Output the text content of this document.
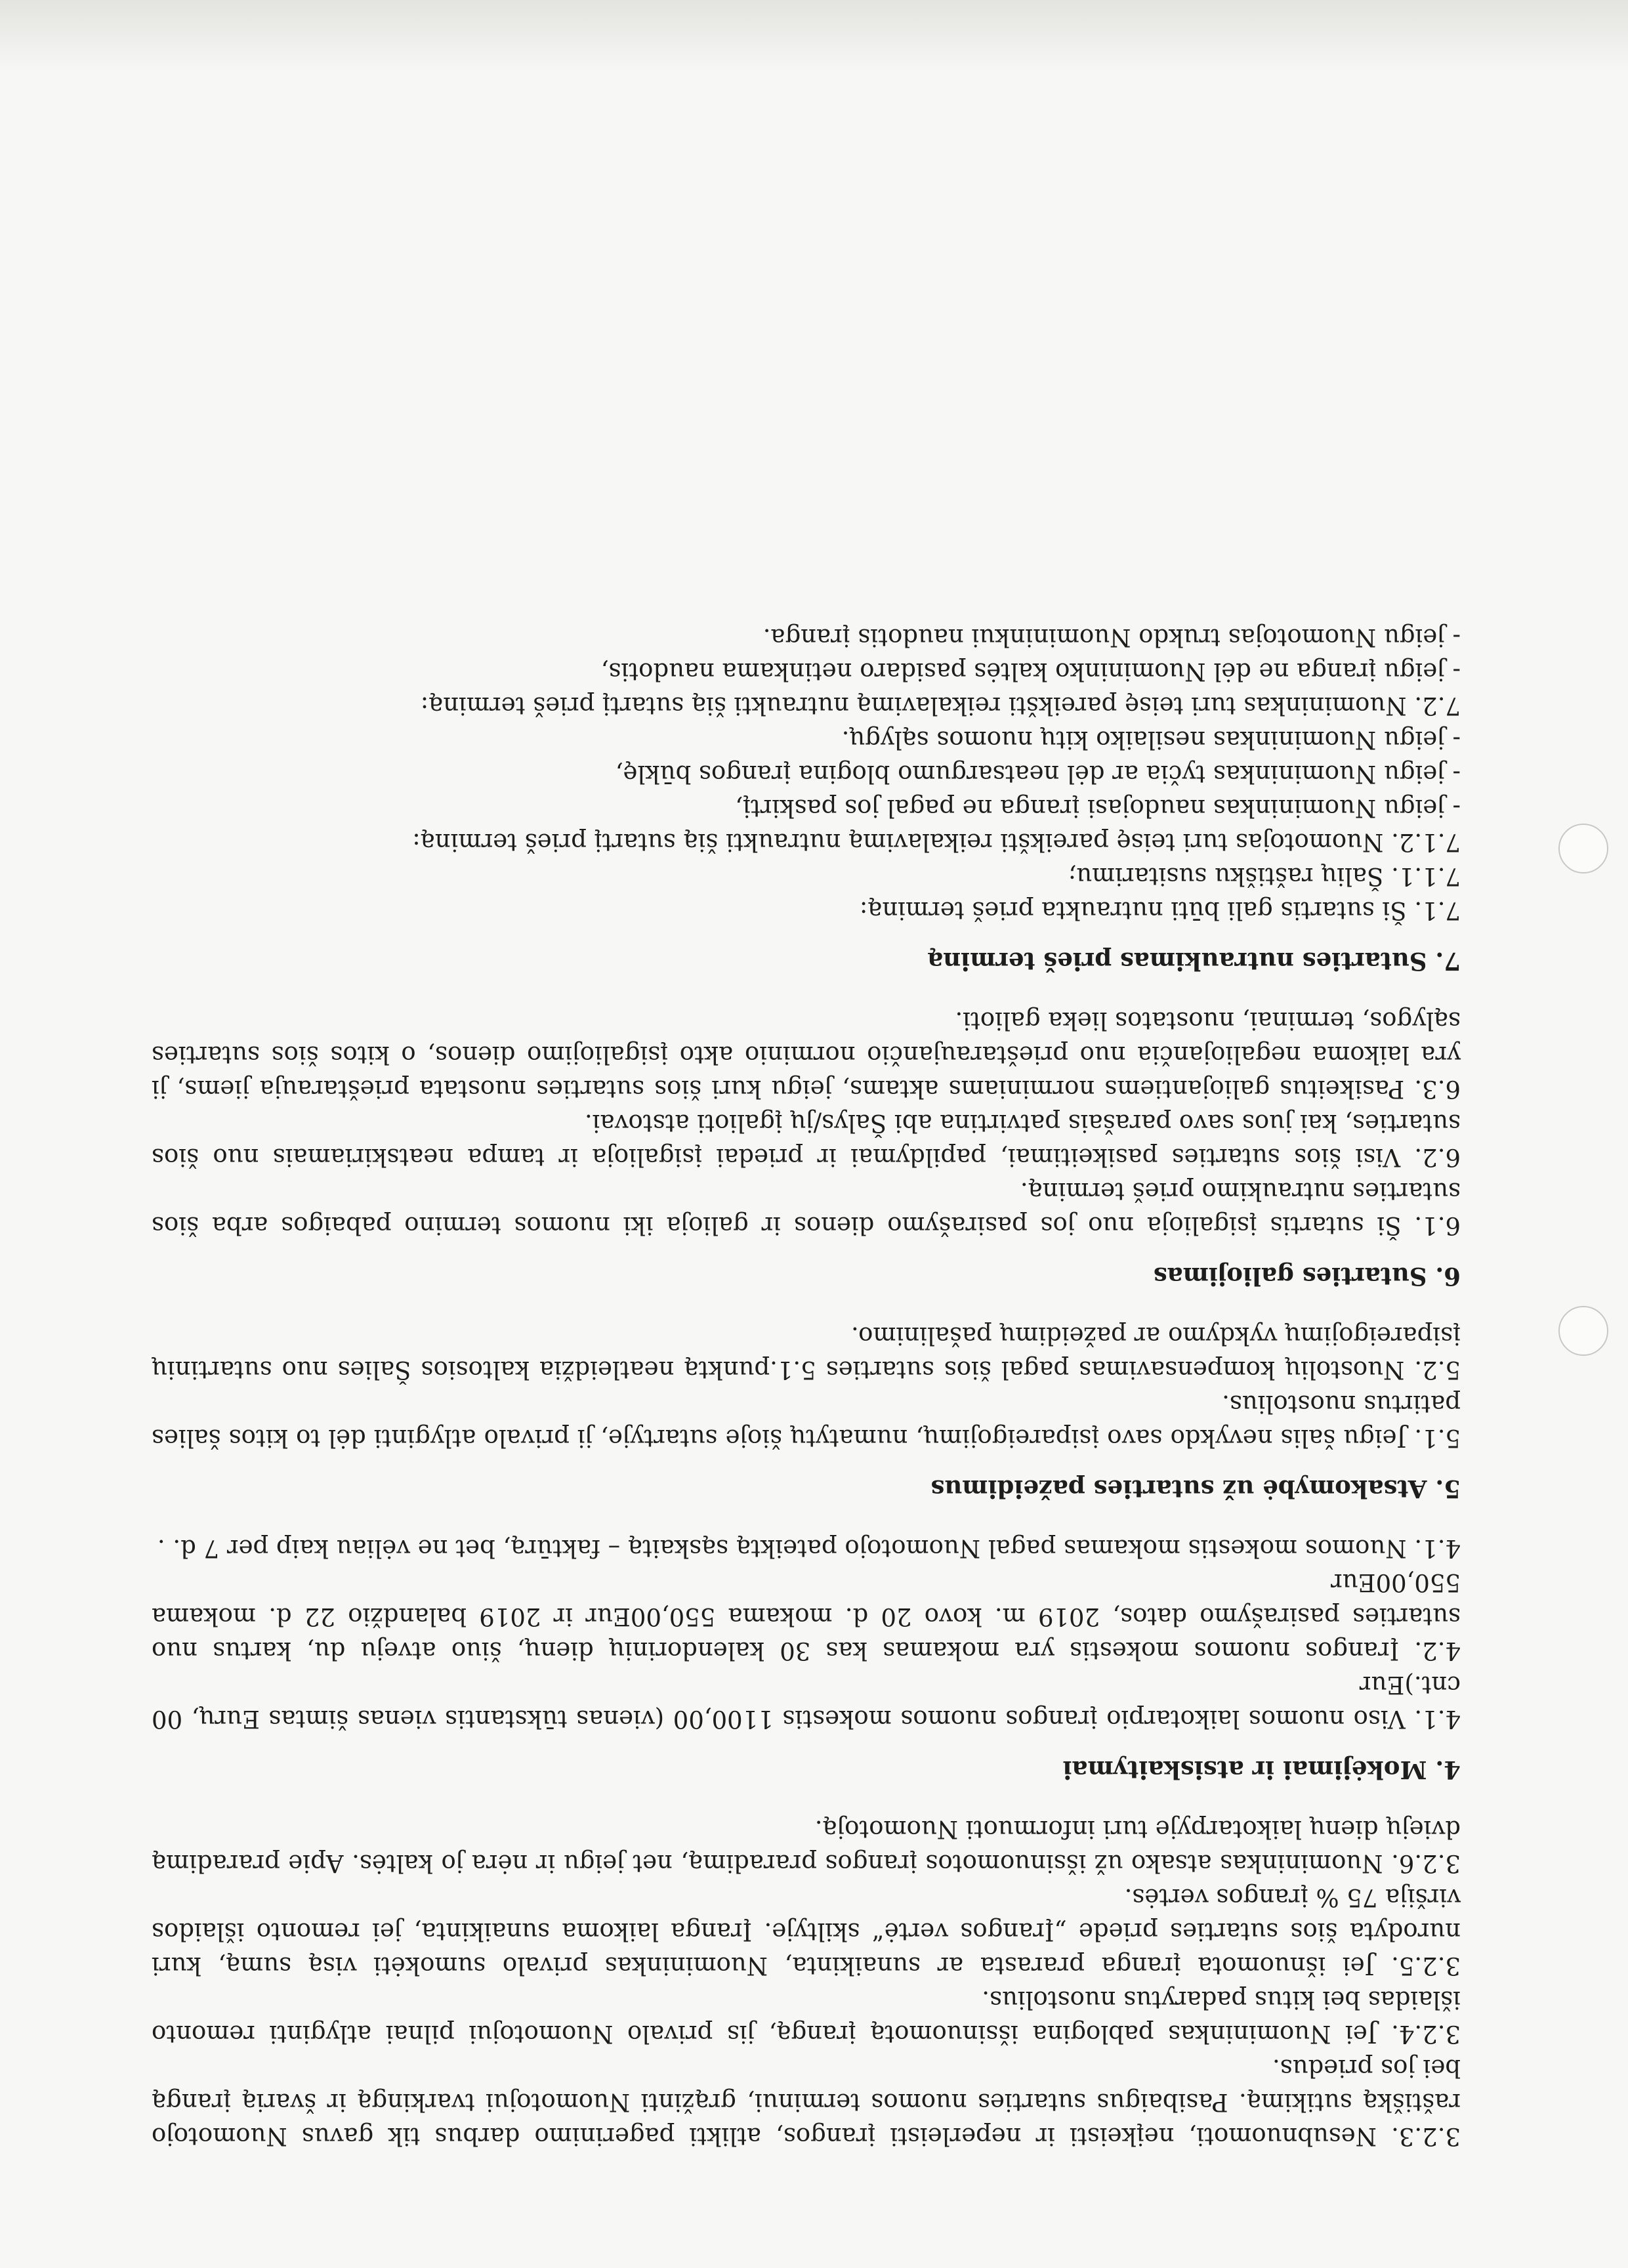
3.2.3. Nesubnuomoti, neįkeisti ir neperleisti įrangos, atlikti pagerinimo darbus tik gavus Nuomotojo raštišką sutikimą. Pasibaigus sutarties nuomos terminui, grąžinti Nuomotojui tvarkingą ir švarią įrangą bei jos priedus.

3.2.4. Jei Nuomininkas pabloginа išsinuomotą įrangą, jis privalo Nuomotojui pilnai atlyginti remonto išlaidas bei kitus padarytus nuostolius.

3.2.5. Jei išnuomota įranga prarasta ar sunaikinta, Nuomininkas privalo sumokėti visą sumą, kuri nurodyta šios sutarties priede „Įrangos vertė“ skiltyje. Įranga laikoma sunaikinta, jei remonto išlaidos viršija 75 % įrangos vertės.

3.2.6. Nuomininkas atsako už išsinuomotos įrangos praradimą, net jeigu ir nėra jo kaltės. Apie praradimą dviejų dienų laikotarpyje turi informuoti Nuomotoją.

4. Mokėjimai ir atsiskaitymai

4.1. Viso nuomos laikotarpio įrangos nuomos mokestis 1100,00 (vienas tūkstantis vienas šimtas Eurų, 00 cnt.)Eur

4.2. Įrangos nuomos mokestis yra mokamas kas 30 kalendorinių dienų, šiuo atveju du, kartus nuo sutarties pasirašymo datos, 2019 m. kovo 20 d. mokama 550,00Eur ir 2019 balandžio 22 d. mokama 550,00Eur

4.1. Nuomos mokestis mokamas pagal Nuomotojo pateiktą sąskaitą – faktūrą, bet ne vėliau kaip per 7 d. .

5. Atsakomybė už sutarties pažeidimus

5.1. Jeigu šalis nevykdo savo įsipareigojimų, numatytų šioje sutartyje, ji privalo atlyginti dėl to kitos šalies patirtus nuostolius.

5.2. Nuostolių kompensavimas pagal šios sutarties 5.1.punktą neatleidžia kaltosios Šalies nuo sutartinių įsipareigojimų vykdymo ar pažeidimų pašalinimo.

6. Sutarties galiojimas

6.1. Ši sutartis įsigalioja nuo jos pasirašymo dienos ir galioja iki nuomos termino pabaigos arba šios sutarties nutraukimo prieš terminą.

6.2. Visi šios sutarties pasikeitimai, papildymai ir priedai įsigalioja ir tampa neatskiriamais nuo šios sutarties, kai juos savo parašais patvirtina abi Šalys/jų įgalioti atstovai.

6.3. Pasikeitus galiojantiems norminiams aktams, jeigu kuri šios sutarties nuostata prieštarauja jiems, ji yra laikoma negaliojančia nuo prieštaraujančio norminio akto įsigaliojimo dienos, o kitos šios sutarties sąlygos, terminai, nuostatos lieka galioti.

7. Sutarties nutraukimas prieš terminą

7.1. Ši sutartis gali būti nutraukta prieš terminą:

7.1.1. Šalių raštišku susitarimu;

7.1.2. Nuomotojas turi teisę pareikšti reikalavimą nutraukti šią sutartį prieš terminą:

- jeigu Nuomininkas naudojasi įranga ne pagal jos paskirtį,

- jeigu Nuomininkas tyčia ar dėl neatsargumo blogina įrangos būklę,

- jeigu Nuomininkas nesilaiko kitų nuomos sąlygų.

7.2. Nuomininkas turi teisę pareikšti reikalavimą nutraukti šią sutartį prieš terminą:

- jeigu įranga ne dėl Nuomininko kaltės pasidaro netinkama naudotis,

- jeigu Nuomotojas trukdo Nuomininkui naudotis įranga.
